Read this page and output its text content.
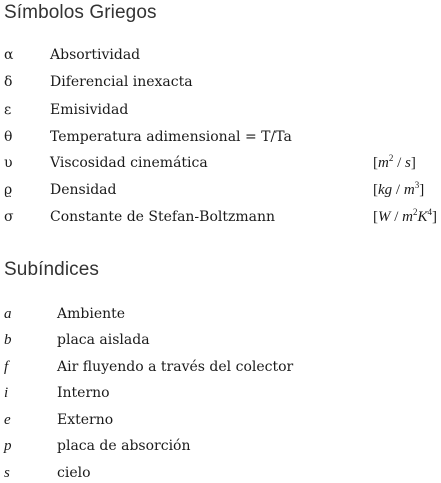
Símbolos Griegos
α	Absortividad
δ	Diferencial inexacta
ε	Emisividad
θ	Temperatura adimensional = T/Ta
υ	Viscosidad cinemática	$[m^2 / s]$
ϱ	Densidad	$[kg / m^3]$
σ	Constante de Stefan-Boltzmann	$[W / m^2K^4]$
Subíndices
a	Ambiente
b	placa aislada
f	Air fluyendo a través del colector
i	Interno
e	Externo
p	placa de absorción
s	cielo
